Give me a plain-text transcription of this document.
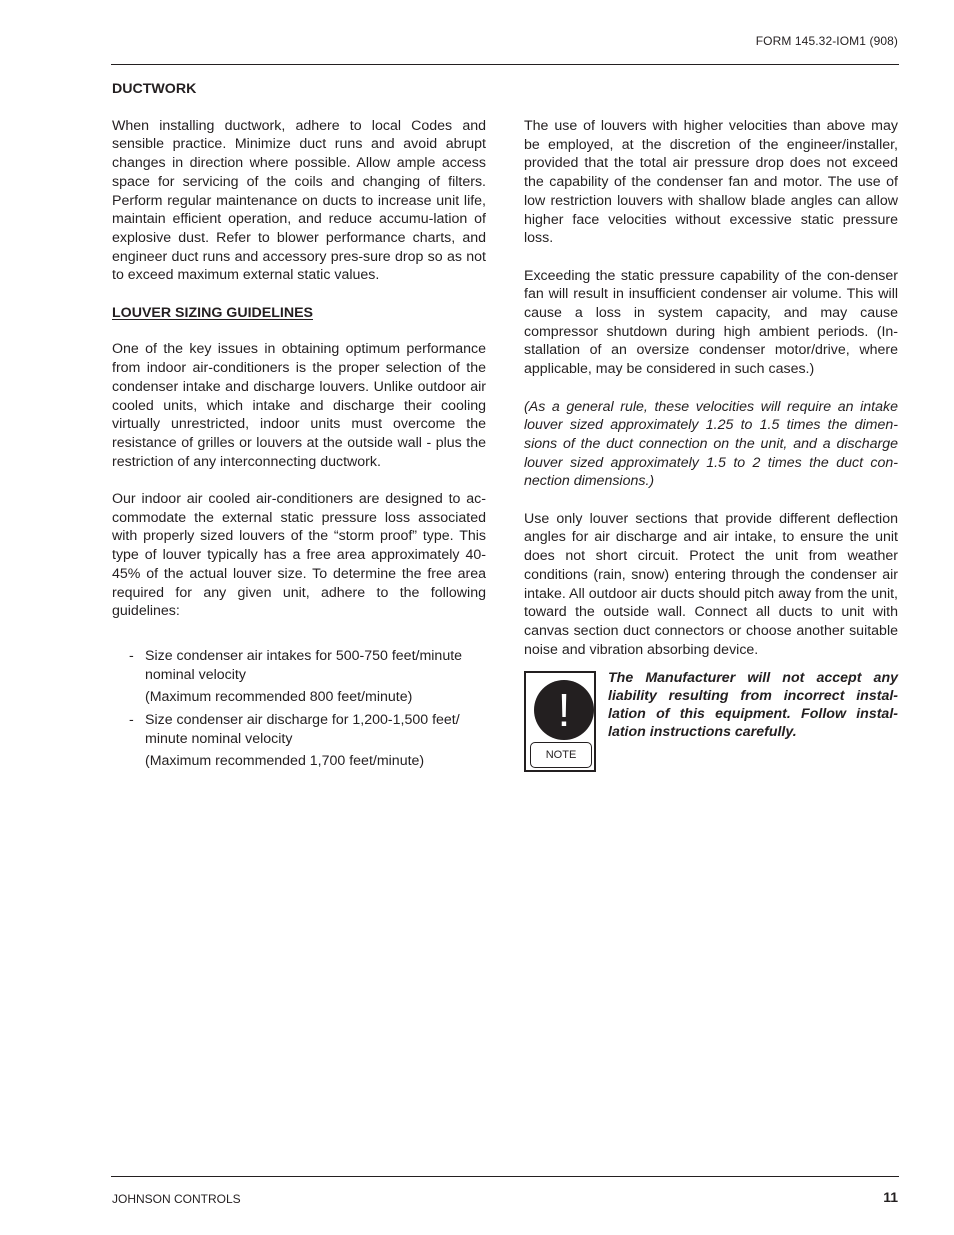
FORM 145.32-IOM1 (908)
DUCTWORK

When installing ductwork, adhere to local Codes and sensible practice. Minimize duct runs and avoid abrupt changes in direction where possible. Allow ample access space for servicing of the coils and changing of filters. Perform regular maintenance on ducts to increase unit life, maintain efficient operation, and reduce accumu-lation of explosive dust. Refer to blower performance charts, and engineer duct runs and accessory pres-sure drop so as not to exceed maximum external static values.

LOUVER SIZING GUIDELINES

One of the key issues in obtaining optimum performance from indoor air-conditioners is the proper selection of the condenser intake and discharge louvers. Unlike outdoor air cooled units, which intake and discharge their cooling virtually unrestricted, indoor units must overcome the resistance of grilles or louvers at the outside wall - plus the restriction of any interconnecting ductwork.

Our indoor air cooled air-conditioners are designed to ac-commodate the external static pressure loss associated with properly sized louvers of the “storm proof” type. This type of louver typically has a free area approximately 40-45% of the actual louver size. To determine the free area required for any given unit, adhere to the following guidelines:

- Size condenser air intakes for 500-750 feet/minute nominal velocity
(Maximum recommended 800 feet/minute)
- Size condenser air discharge for 1,200-1,500 feet/ minute nominal velocity
(Maximum recommended 1,700 feet/minute)

The use of louvers with higher velocities than above may be employed, at the discretion of the engineer/installer, provided that the total air pressure drop does not exceed the capability of the condenser fan and motor. The use of low restriction louvers with shallow blade angles can allow higher face velocities without excessive static pressure loss.

Exceeding the static pressure capability of the con-denser fan will result in insufficient condenser air volume. This will cause a loss in system capacity, and may cause compressor shutdown during high ambient periods. (In-stallation of an oversize condenser motor/drive, where applicable, may be considered in such cases.)

(As a general rule, these velocities will require an intake louver sized approximately 1.25 to 1.5 times the dimen-sions of the duct connection on the unit, and a discharge louver sized approximately 1.5 to 2 times the duct con-nection dimensions.)

Use only louver sections that provide different deflection angles for air discharge and air intake, to ensure the unit does not short circuit. Protect the unit from weather conditions (rain, snow) entering through the condenser air intake. All outdoor air ducts should pitch away from the unit, toward the outside wall. Connect all ducts to unit with canvas section duct connectors or choose another suitable noise and vibration absorbing device.

!
NOTE
The Manufacturer will not accept any liability resulting from incorrect instal-lation of this equipment. Follow instal-lation instructions carefully.
JOHNSON CONTROLS	11
